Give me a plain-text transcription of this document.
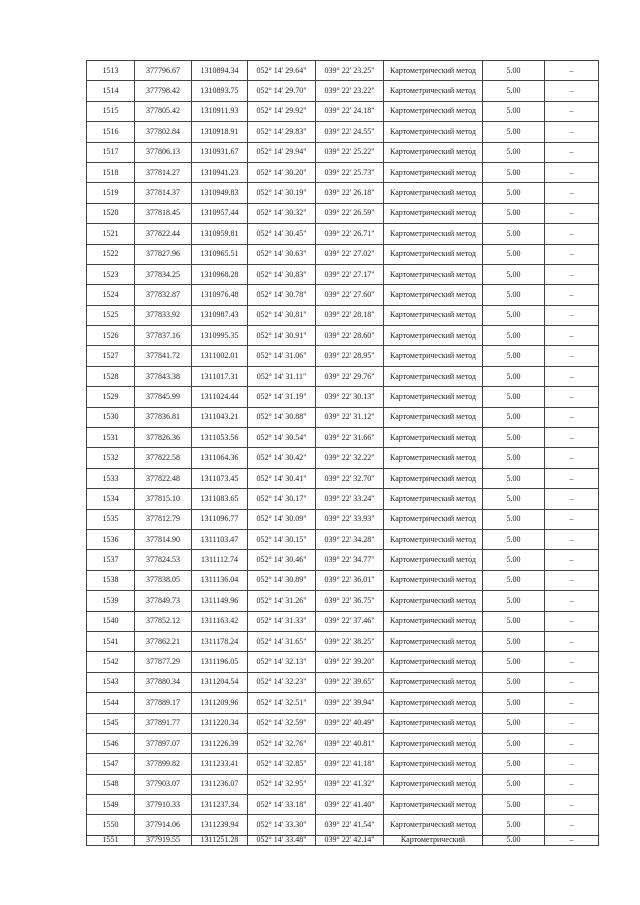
1513	377796.67	1310894.34	052° 14' 29.64"	039° 22' 23.25"	Картометрический метод	5.00	–
1514	377798.42	1310893.75	052° 14' 29.70"	039° 22' 23.22"	Картометрический метод	5.00	–
1515	377805.42	1310911.93	052° 14' 29.92"	039° 22' 24.18"	Картометрический метод	5.00	–
1516	377802.84	1310918.91	052° 14' 29.83"	039° 22' 24.55"	Картометрический метод	5.00	–
1517	377806.13	1310931.67	052° 14' 29.94"	039° 22' 25.22"	Картометрический метод	5.00	–
1518	377814.27	1310941.23	052° 14' 30.20"	039° 22' 25.73"	Картометрический метод	5.00	–
1519	377814.37	1310949.83	052° 14' 30.19"	039° 22' 26.18"	Картометрический метод	5.00	–
1520	377818.45	1310957.44	052° 14' 30.32"	039° 22' 26.59"	Картометрический метод	5.00	–
1521	377822.44	1310959.81	052° 14' 30.45"	039° 22' 26.71"	Картометрический метод	5.00	–
1522	377827.96	1310965.51	052° 14' 30.63"	039° 22' 27.02"	Картометрический метод	5.00	–
1523	377834.25	1310968.28	052° 14' 30.83"	039° 22' 27.17"	Картометрический метод	5.00	–
1524	377832.87	1310976.48	052° 14' 30.78"	039° 22' 27.60"	Картометрический метод	5.00	–
1525	377833.92	1310987.43	052° 14' 30.81"	039° 22' 28.18"	Картометрический метод	5.00	–
1526	377837.16	1310995.35	052° 14' 30.91"	039° 22' 28.60"	Картометрический метод	5.00	–
1527	377841.72	1311002.01	052° 14' 31.06"	039° 22' 28.95"	Картометрический метод	5.00	–
1528	377843.38	1311017.31	052° 14' 31.11"	039° 22' 29.76"	Картометрический метод	5.00	–
1529	377845.99	1311024.44	052° 14' 31.19"	039° 22' 30.13"	Картометрический метод	5.00	–
1530	377836.81	1311043.21	052° 14' 30.88"	039° 22' 31.12"	Картометрический метод	5.00	–
1531	377826.36	1311053.56	052° 14' 30.54"	039° 22' 31.66"	Картометрический метод	5.00	–
1532	377822.58	1311064.36	052° 14' 30.42"	039° 22' 32.22"	Картометрический метод	5.00	–
1533	377822.48	1311073.45	052° 14' 30.41"	039° 22' 32.70"	Картометрический метод	5.00	–
1534	377815.10	1311083.65	052° 14' 30.17"	039° 22' 33.24"	Картометрический метод	5.00	–
1535	377812.79	1311096.77	052° 14' 30.09"	039° 22' 33.93"	Картометрический метод	5.00	–
1536	377814.90	1311103.47	052° 14' 30.15"	039° 22' 34.28"	Картометрический метод	5.00	–
1537	377824.53	1311112.74	052° 14' 30.46"	039° 22' 34.77"	Картометрический метод	5.00	–
1538	377838.05	1311136.04	052° 14' 30.89"	039° 22' 36.01"	Картометрический метод	5.00	–
1539	377849.73	1311149.96	052° 14' 31.26"	039° 22' 36.75"	Картометрический метод	5.00	–
1540	377852.12	1311163.42	052° 14' 31.33"	039° 22' 37.46"	Картометрический метод	5.00	–
1541	377862.21	1311178.24	052° 14' 31.65"	039° 22' 38.25"	Картометрический метод	5.00	–
1542	377877.29	1311196.05	052° 14' 32.13"	039° 22' 39.20"	Картометрический метод	5.00	–
1543	377880.34	1311204.54	052° 14' 32.23"	039° 22' 39.65"	Картометрический метод	5.00	–
1544	377889.17	1311209.96	052° 14' 32.51"	039° 22' 39.94"	Картометрический метод	5.00	–
1545	377891.77	1311220.34	052° 14' 32.59"	039° 22' 40.49"	Картометрический метод	5.00	–
1546	377897.07	1311226.39	052° 14' 32.76"	039° 22' 40.81"	Картометрический метод	5.00	–
1547	377899.82	1311233.41	052° 14' 32.85"	039° 22' 41.18"	Картометрический метод	5.00	–
1548	377903.07	1311236.07	052° 14' 32.95"	039° 22' 41.32"	Картометрический метод	5.00	–
1549	377910.33	1311237.34	052° 14' 33.18"	039° 22' 41.40"	Картометрический метод	5.00	–
1550	377914.06	1311239.94	052° 14' 33.30"	039° 22' 41.54"	Картометрический метод	5.00	–
1551	377919.55	1311251.28	052° 14' 33.48"	039° 22' 42.14"	Картометрический	5.00	–
